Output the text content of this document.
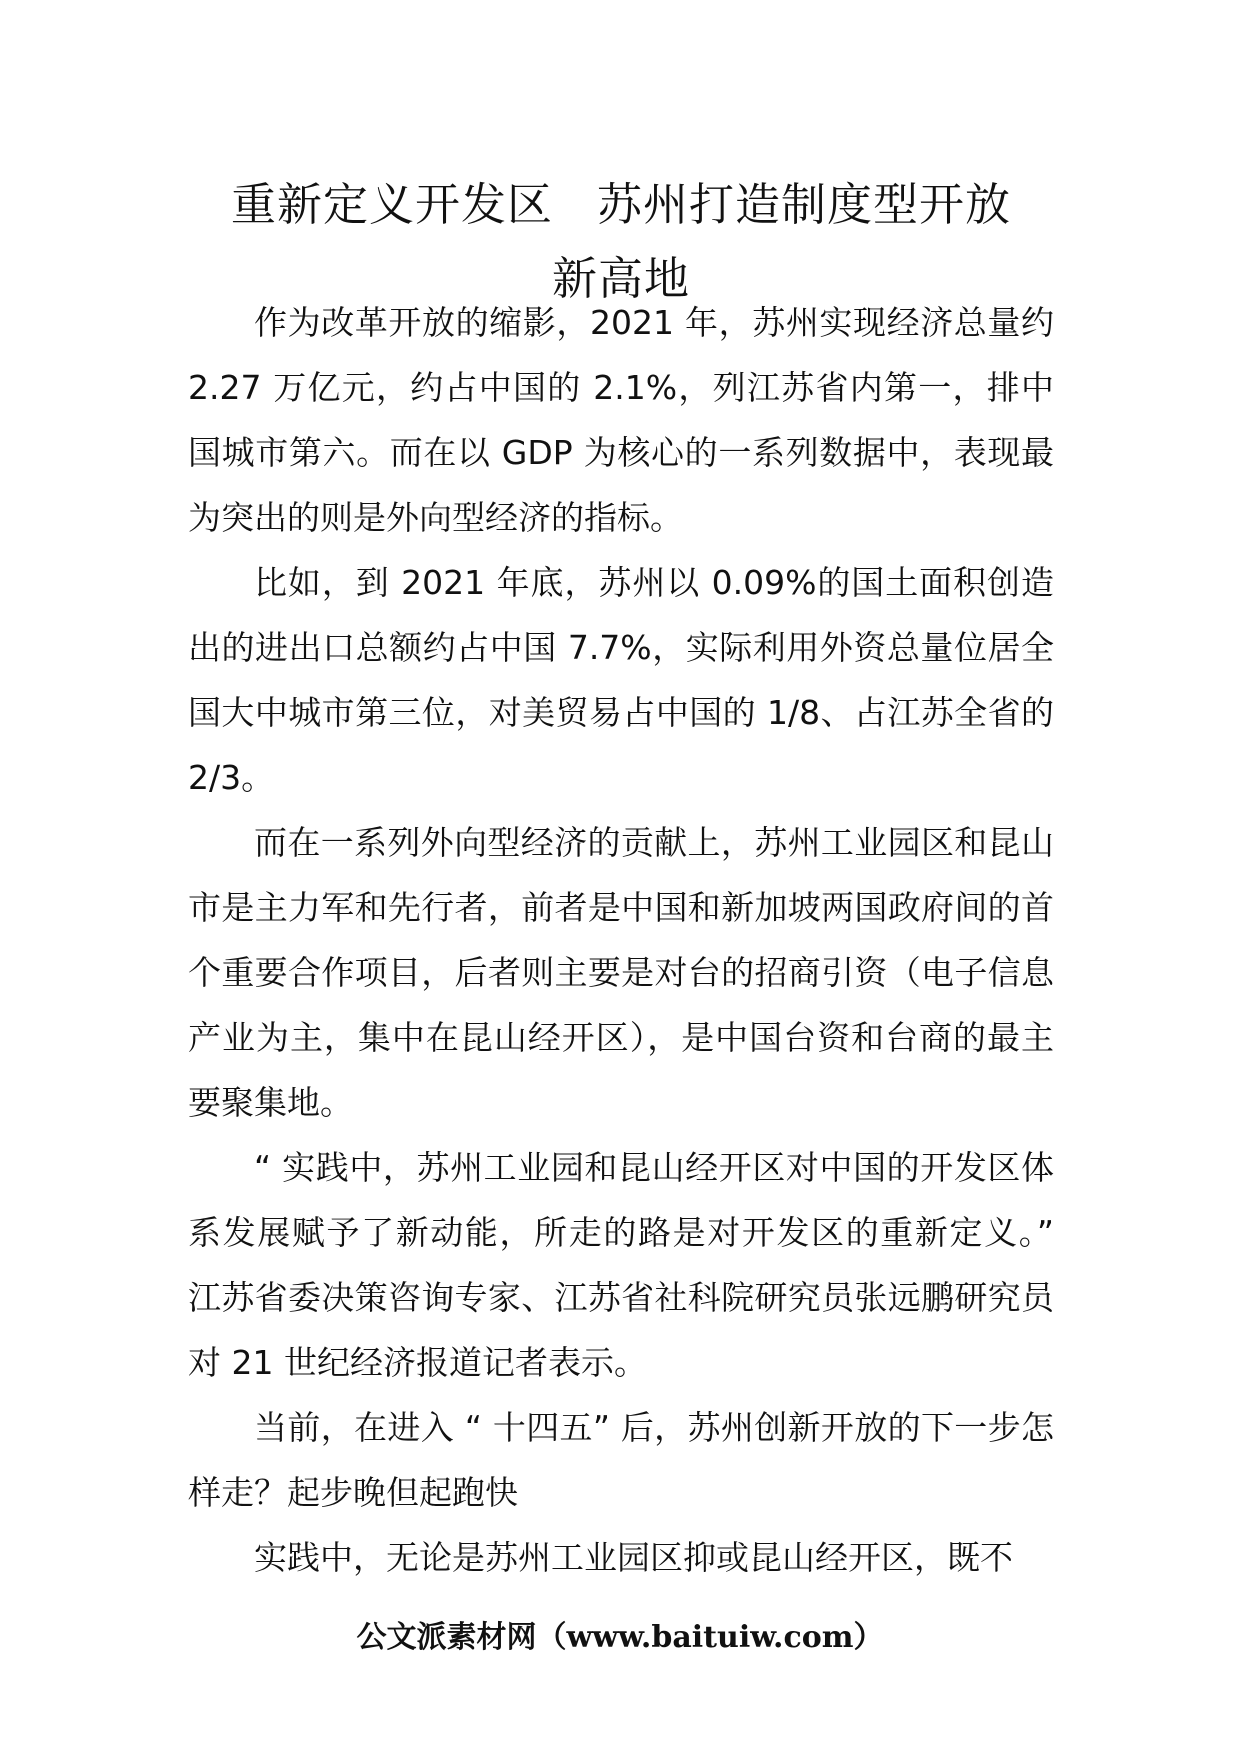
重新定义开发区 苏州打造制度型开放
新高地

作为改革开放的缩影，2021 年，苏州实现经济总量约 2.27 万亿元，约占中国的 2.1%，列江苏省内第一，排中国城市第六。而在以 GDP 为核心的一系列数据中，表现最为突出的则是外向型经济的指标。

比如，到 2021 年底，苏州以 0.09%的国土面积创造出的进出口总额约占中国 7.7%，实际利用外资总量位居全国大中城市第三位，对美贸易占中国的 1/8、占江苏全省的 2/3。

而在一系列外向型经济的贡献上，苏州工业园区和昆山市是主力军和先行者，前者是中国和新加坡两国政府间的首个重要合作项目，后者则主要是对台的招商引资（电子信息产业为主，集中在昆山经开区），是中国台资和台商的最主要聚集地。

“ 实践中，苏州工业园和昆山经开区对中国的开发区体系发展赋予了新动能，所走的路是对开发区的重新定义。” 江苏省委决策咨询专家、江苏省社科院研究员张远鹏研究员对 21 世纪经济报道记者表示。

当前，在进入 “ 十四五” 后，苏州创新开放的下一步怎样走？起步晚但起跑快

实践中，无论是苏州工业园区抑或昆山经开区，既不

公文派素材网（www.baituiw.com）
